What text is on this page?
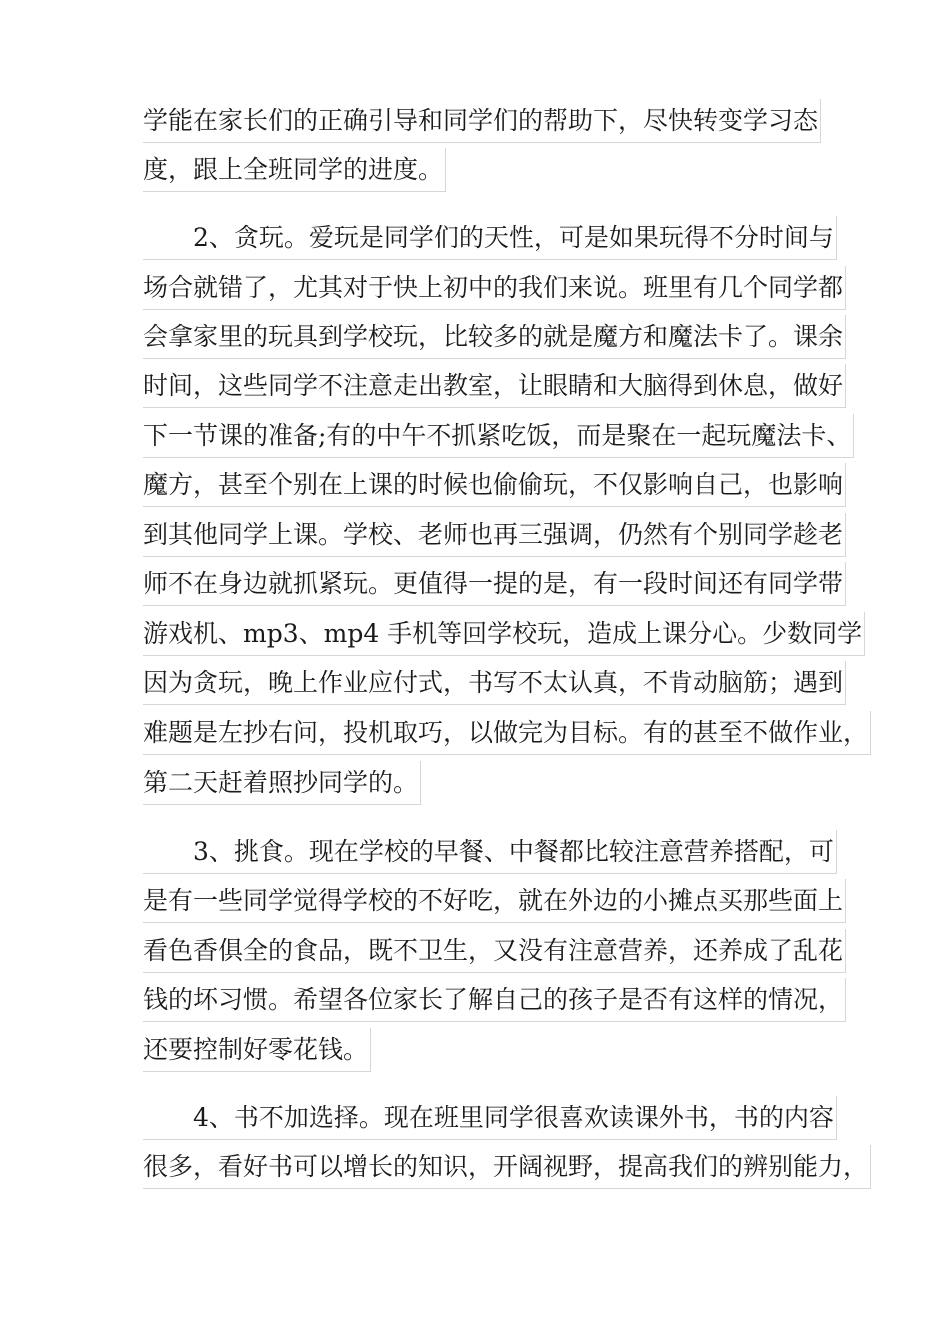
学能在家长们的正确引导和同学们的帮助下，尽快转变学习态
度，跟上全班同学的进度。
　　2、贪玩。爱玩是同学们的天性，可是如果玩得不分时间与
场合就错了，尤其对于快上初中的我们来说。班里有几个同学都
会拿家里的玩具到学校玩，比较多的就是魔方和魔法卡了。课余
时间，这些同学不注意走出教室，让眼睛和大脑得到休息，做好
下一节课的准备;有的中午不抓紧吃饭，而是聚在一起玩魔法卡、
魔方，甚至个别在上课的时候也偷偷玩，不仅影响自己，也影响
到其他同学上课。学校、老师也再三强调，仍然有个别同学趁老
师不在身边就抓紧玩。更值得一提的是，有一段时间还有同学带
游戏机、mp3、mp4 手机等回学校玩，造成上课分心。少数同学
因为贪玩，晚上作业应付式，书写不太认真，不肯动脑筋；遇到
难题是左抄右问，投机取巧，以做完为目标。有的甚至不做作业，
第二天赶着照抄同学的。
　　3、挑食。现在学校的早餐、中餐都比较注意营养搭配，可
是有一些同学觉得学校的不好吃，就在外边的小摊点买那些面上
看色香俱全的食品，既不卫生，又没有注意营养，还养成了乱花
钱的坏习惯。希望各位家长了解自己的孩子是否有这样的情况，
还要控制好零花钱。
　　4、书不加选择。现在班里同学很喜欢读课外书，书的内容
很多，看好书可以增长的知识，开阔视野，提高我们的辨别能力，
